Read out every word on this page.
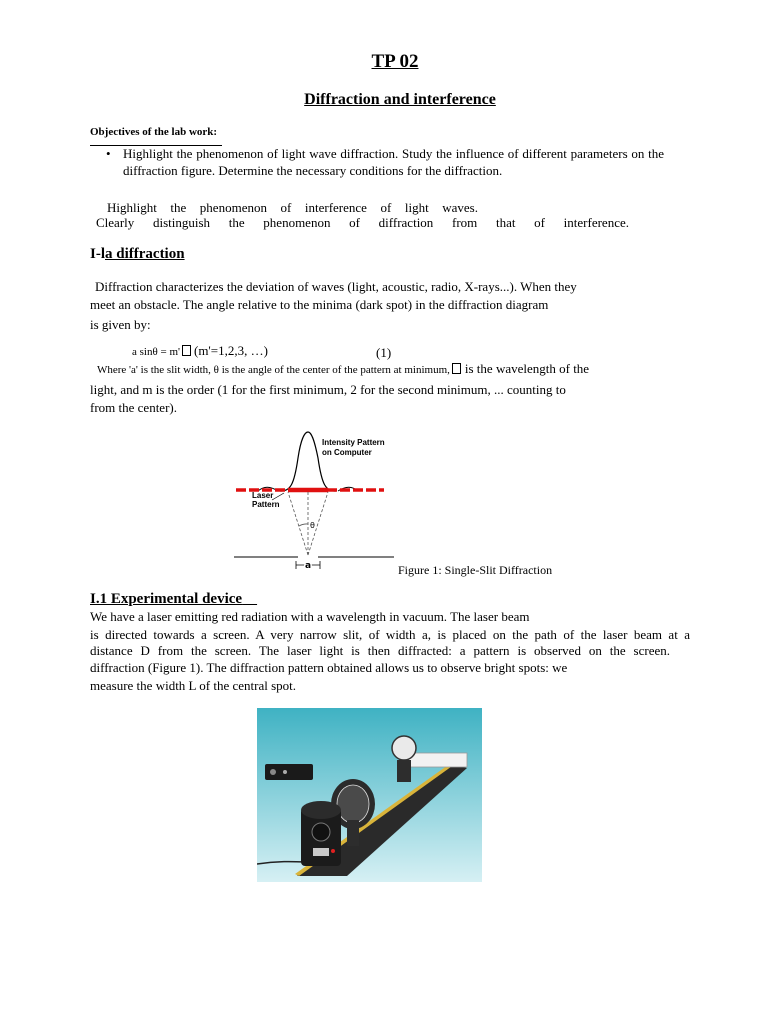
TP 02
Diffraction and interference
Objectives of the lab work:
• Highlight the phenomenon of light wave diffraction. Study the influence of different parameters on the diffraction figure. Determine the necessary conditions for the diffraction.
Highlight the phenomenon of interference of light waves.
Clearly distinguish the phenomenon of diffraction from that of interference.
I-la diffraction
Diffraction characterizes the deviation of waves (light, acoustic, radio, X-rays...). When they
meet an obstacle. The angle relative to the minima (dark spot) in the diffraction diagram
is given by:
a sinθ = m' (m'=1,2,3, …)	(1)
Where 'a' is the slit width, θ is the angle of the center of the pattern at minimum, is the wavelength of the
light, and m is the order (1 for the first minimum, 2 for the second minimum, ... counting to
from the center).
θ
a
Intensity Pattern
on Computer
Laser
Pattern
Figure 1: Single-Slit Diffraction
I.1 Experimental device
We have a laser emitting red radiation with a wavelength in vacuum. The laser beam
is directed towards a screen. A very narrow slit, of width a, is placed on the path of the laser beam at a
distance D from the screen. The laser light is then diffracted: a pattern is observed on the screen.
diffraction (Figure 1). The diffraction pattern obtained allows us to observe bright spots: we
measure the width L of the central spot.
